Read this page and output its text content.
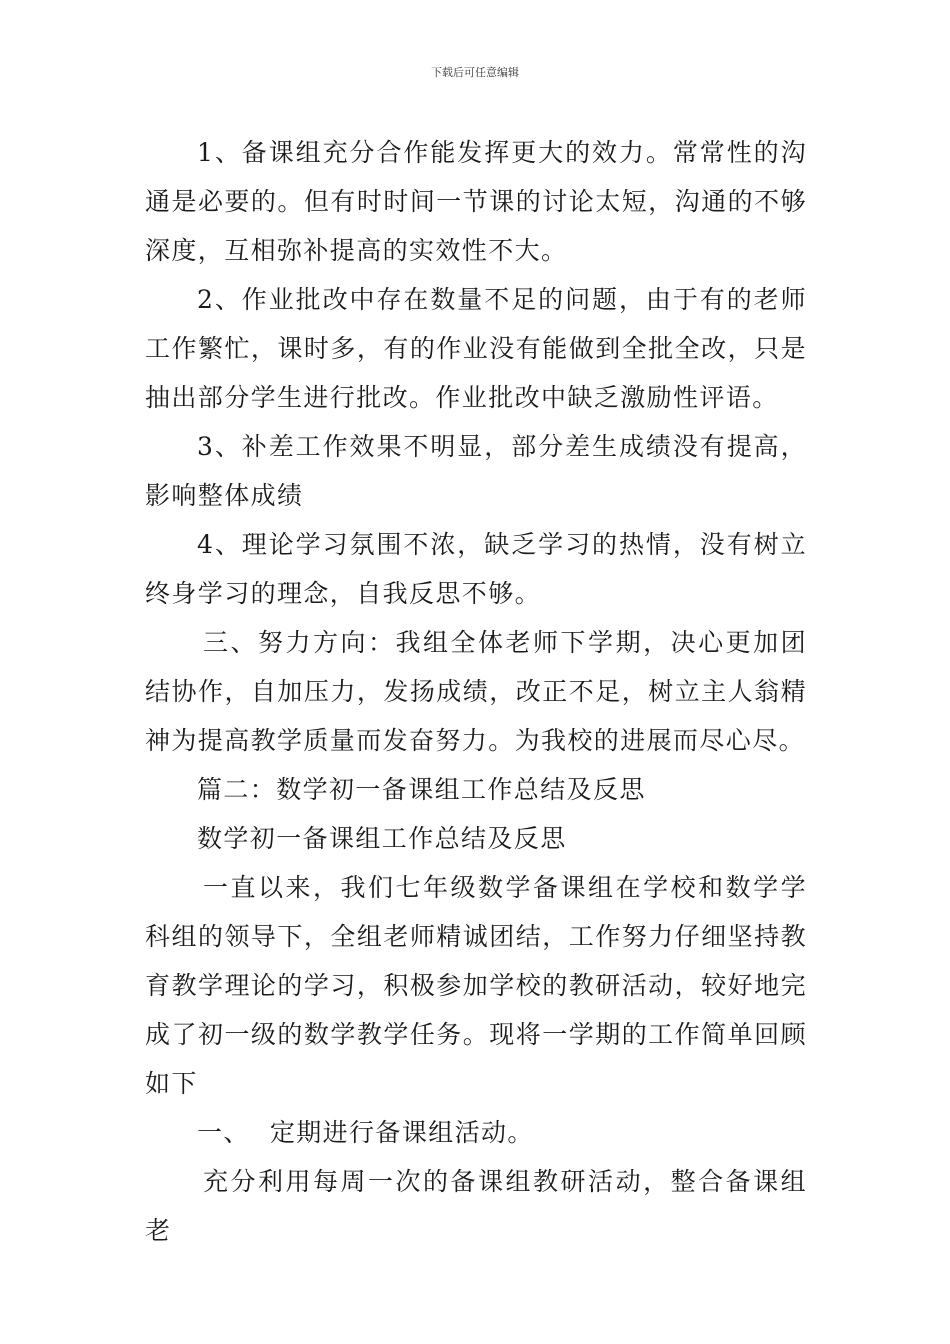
下载后可任意编辑

1、备课组充分合作能发挥更大的效力。常常性的沟通是必要的。但有时时间一节课的讨论太短，沟通的不够深度，互相弥补提高的实效性不大。

2、作业批改中存在数量不足的问题，由于有的老师工作繁忙，课时多，有的作业没有能做到全批全改，只是抽出部分学生进行批改。作业批改中缺乏激励性评语。

3、补差工作效果不明显，部分差生成绩没有提高，影响整体成绩

4、理论学习氛围不浓，缺乏学习的热情，没有树立终身学习的理念，自我反思不够。

三、努力方向：我组全体老师下学期，决心更加团结协作，自加压力，发扬成绩，改正不足，树立主人翁精神为提高教学质量而发奋努力。为我校的进展而尽心尽。

篇二：数学初一备课组工作总结及反思

数学初一备课组工作总结及反思

一直以来，我们七年级数学备课组在学校和数学学科组的领导下，全组老师精诚团结，工作努力仔细坚持教育教学理论的学习，积极参加学校的教研活动，较好地完成了初一级的数学教学任务。现将一学期的工作简单回顾如下

一、 定期进行备课组活动。

充分利用每周一次的备课组教研活动，整合备课组老
